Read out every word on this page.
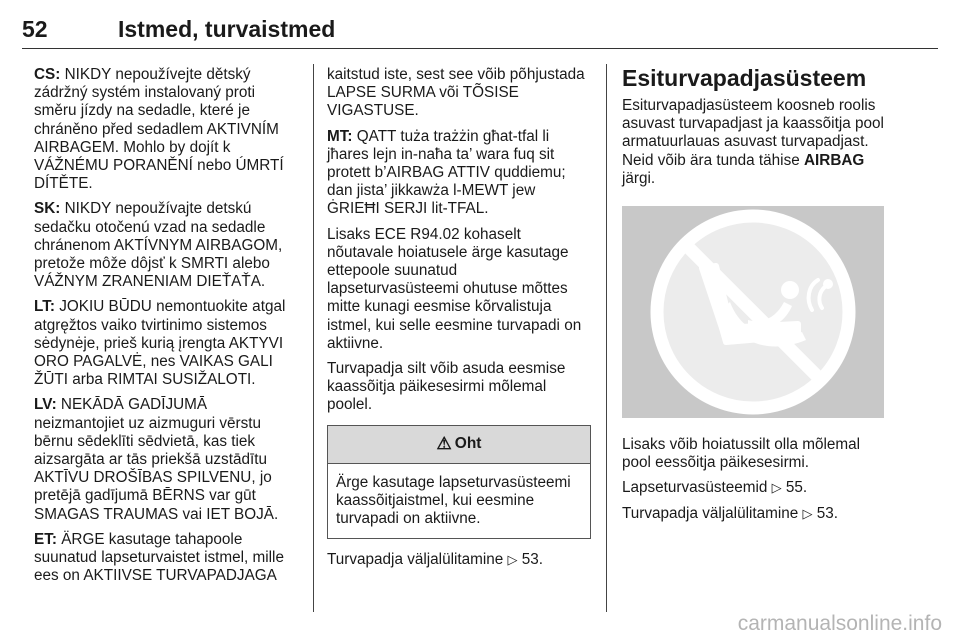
52	Istmed, turvaistmed

CS: NIKDY nepoužívejte dětský zádržný systém instalovaný proti směru jízdy na sedadle, které je chráněno před sedadlem AKTIVNÍM AIRBAGEM. Mohlo by dojít k VÁŽNÉMU PORANĚNÍ nebo ÚMRTÍ DÍTĚTE.

SK: NIKDY nepoužívajte detskú sedačku otočenú vzad na sedadle chránenom AKTÍVNYM AIRBAGOM, pretože môže dôjsť k SMRTI alebo VÁŽNYM ZRANENIAM DIEŤAŤA.

LT: JOKIU BŪDU nemontuokite atgal atgręžtos vaiko tvirtinimo sistemos sėdynėje, prieš kurią įrengta AKTYVI ORO PAGALVĖ, nes VAIKAS GALI ŽŪTI arba RIMTAI SUSIŽALOTI.

LV: NEKĀDĀ GADĪJUMĀ neizmantojiet uz aizmuguri vērstu bērnu sēdeklīti sēdvietā, kas tiek aizsargāta ar tās priekšā uzstādītu AKTĪVU DROŠĪBAS SPILVENU, jo pretējā gadījumā BĒRNS var gūt SMAGAS TRAUMAS vai IET BOJĀ.

ET: ÄRGE kasutage tahapoole suunatud lapseturvaistet istmel, mille ees on AKTIIVSE TURVAPADJAGA

kaitstud iste, sest see võib põhjustada LAPSE SURMA või TÕSISE VIGASTUSE.

MT: QATT tuża trażżin għat-tfal li jħares lejn in-naħa ta’ wara fuq sit protett b’AIRBAG ATTIV quddiemu; dan jista’ jikkawża l-MEWT jew ĠRIEĦI SERJI lit-TFAL.

Lisaks ECE R94.02 kohaselt nõutavale hoiatusele ärge kasutage ettepoole suunatud lapseturvasüsteemi ohutuse mõttes mitte kunagi eesmise kõrvalistuja istmel, kui selle eesmine turvapadi on aktiivne.

Turvapadja silt võib asuda eesmise kaassõitja päikesesirmi mõlemal poolel.

⚠ Oht
Ärge kasutage lapseturvasüsteemi kaassõitjaistmel, kui eesmine turvapadi on aktiivne.

Turvapadja väljalülitamine ▷ 53.

Esiturvapadjasüsteem

Esiturvapadjasüsteem koosneb roolis asuvast turvapadjast ja kaassõitja pool armatuurlauas asuvast turvapadjast. Neid võib ära tunda tähise AIRBAG järgi.

Lisaks võib hoiatussilt olla mõlemal pool eessõitja päikesesirmi.

Lapseturvasüsteemid ▷ 55.

Turvapadja väljalülitamine ▷ 53.

carmanualsonline.info
